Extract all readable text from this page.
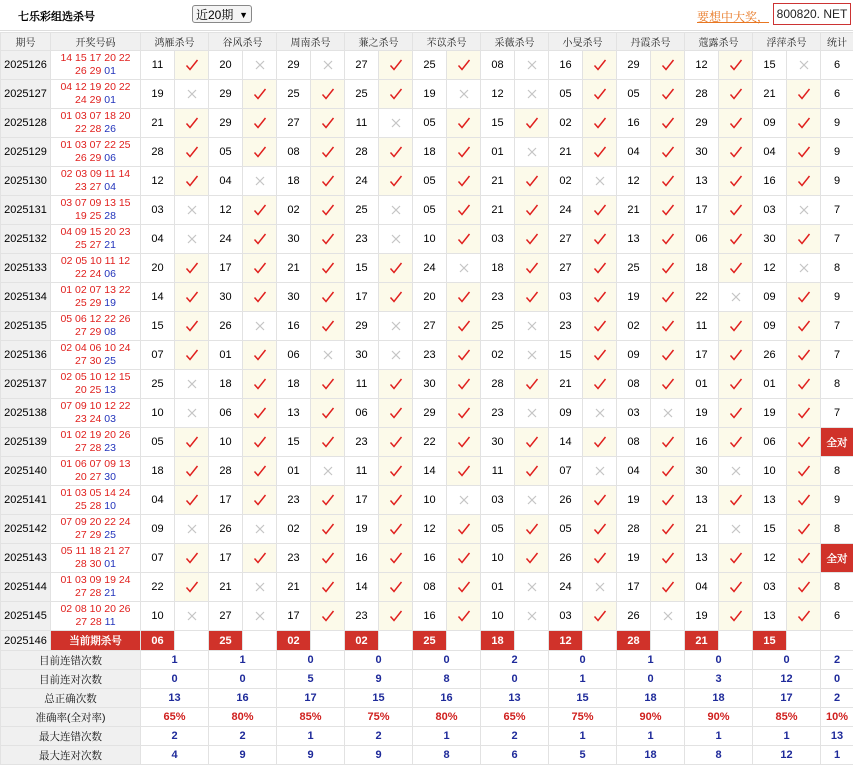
七乐彩组选杀号	近20期 ▼	要想中大奖， 800820. NET
期号	开奖号码	鸿雁杀号		谷风杀号		周南杀号		蒹之杀号		芣苡杀号		采薇杀号		小旻杀号		丹霞杀号		蔻露杀号		浮萍杀号		统计
2025126	14 15 17 20 22
26 29 01	11		20		29		27		25		08		16		29		12		15		6
2025127	04 12 19 20 22
24 29 01	19		29		25		25		19		12		05		05		28		21		6
2025128	01 03 07 18 20
22 28 26	21		29		27		11		05		15		02		16		29		09		9
2025129	01 03 07 22 25
26 29 06	28		05		08		28		18		01		21		04		30		04		9
2025130	02 03 09 11 14
23 27 04	12		04		18		24		05		21		02		12		13		16		9
2025131	03 07 09 13 15
19 25 28	03		12		02		25		05		21		24		21		17		03		7
2025132	04 09 15 20 23
25 27 21	04		24		30		23		10		03		27		13		06		30		7
2025133	02 05 10 11 12
22 24 06	20		17		21		15		24		18		27		25		18		12		8
2025134	01 02 07 13 22
25 29 19	14		30		30		17		20		23		03		19		22		09		9
2025135	05 06 12 22 26
27 29 08	15		26		16		29		27		25		23		02		11		09		7
2025136	02 04 06 10 24
27 30 25	07		01		06		30		23		02		15		09		17		26		7
2025137	02 05 10 12 15
20 25 13	25		18		18		11		30		28		21		08		01		01		8
2025138	07 09 10 12 22
23 24 03	10		06		13		06		29		23		09		03		19		19		7
2025139	01 02 19 20 26
27 28 23	05		10		15		23		22		30		14		08		16		06		全对
2025140	01 06 07 09 13
20 27 30	18		28		01		11		14		11		07		04		30		10		8
2025141	01 03 05 14 24
25 28 10	04		17		23		17		10		03		26		19		13		13		9
2025142	07 09 20 22 24
27 29 25	09		26		02		19		12		05		05		28		21		15		8
2025143	05 11 18 21 27
28 30 01	07		17		23		16		16		10		26		19		13		12		全对
2025144	01 03 09 19 24
27 28 21	22		21		21		14		08		01		24		17		04		03		8
2025145	02 08 10 20 26
27 28 11	10		27		17		23		16		10		03		26		19		13		6
2025146	当前期杀号	06		25		02		02		25		18		12		28		21		15		
目前连错次数		1		1		0		0		0		2		0		1		0		0		2
目前连对次数		0		0		5		9		8		0		1		0		3		12		0
总正确次数		13		16		17		15		16		13		15		18		18		17		2
准确率(全对率)		65%		80%		85%		75%		80%		65%		75%		90%		90%		85%		10%
最大连错次数		2		2		1		2		1		2		1		1		1		1		13
最大连对次数		4		9		9		9		8		6		5		18		8		12		1
